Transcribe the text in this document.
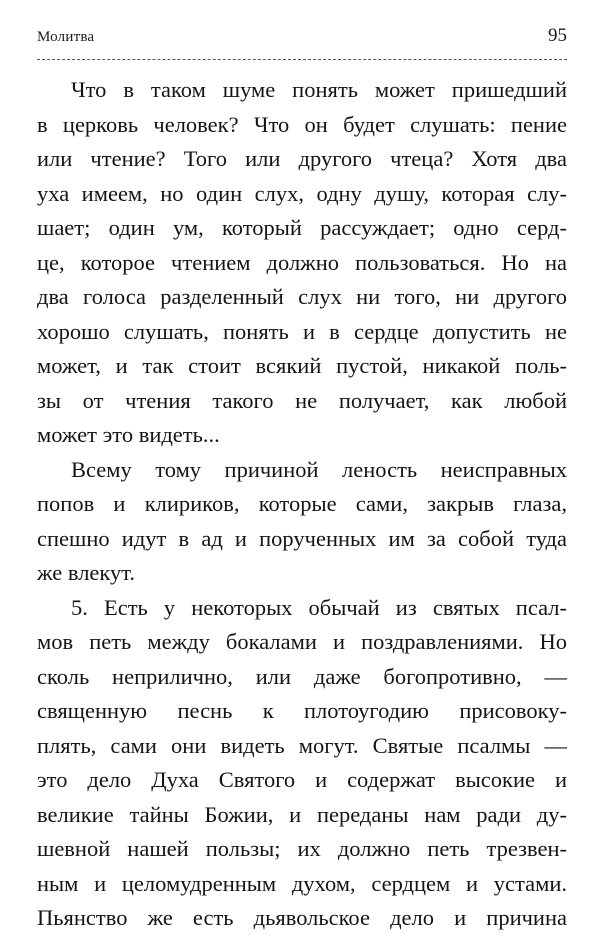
Молитва	95
Что в таком шуме понять может пришедший
в церковь человек? Что он будет слушать: пение
или чтение? Того или другого чтеца? Хотя два
уха имеем, но один слух, одну душу, которая слу-
шает; один ум, который рассуждает; одно серд-
це, которое чтением должно пользоваться. Но на
два голоса разделенный слух ни того, ни другого
хорошо слушать, понять и в сердце допустить не
может, и так стоит всякий пустой, никакой поль-
зы от чтения такого не получает, как любой
может это видеть...
Всему тому причиной леность неисправных
попов и клириков, которые сами, закрыв глаза,
спешно идут в ад и порученных им за собой туда
же влекут.
5. Есть у некоторых обычай из святых псал-
мов петь между бокалами и поздравлениями. Но
сколь неприлично, или даже богопротивно, —
священную песнь к плотоугодию присовоку-
плять, сами они видеть могут. Святые псалмы —
это дело Духа Святого и содержат высокие и
великие тайны Божии, и переданы нам ради ду-
шевной нашей пользы; их должно петь трезвен-
ным и целомудренным духом, сердцем и устами.
Пьянство же есть дьявольское дело и причина
